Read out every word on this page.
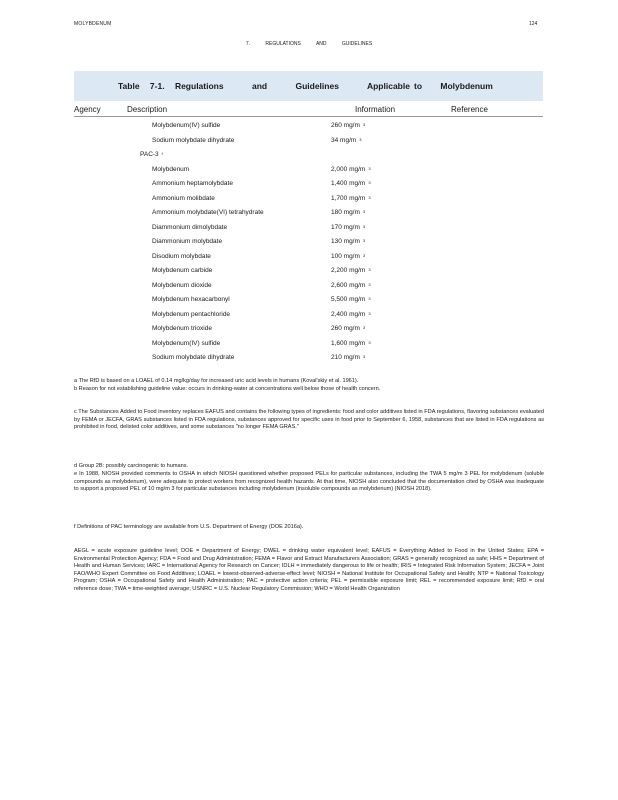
MOLYBDENUM	124
7. REGULATIONS AND GUIDELINES
Table 7-1. Regulations	and Guidelines Applicable to Molybdenum
Agency	Description	Information	Reference
Molybdenum(IV) sulfide	260 mg/m $^3$
Sodium molybdate dihydrate	34 mg/m $^3$
PAC-3 $^f$
Molybdenum	2,000 mg/m $^3$
Ammonium heptamolybdate	1,400 mg/m $^3$
Ammonium molibdate	1,700 mg/m $^3$
Ammonium molybdate(VI) tetrahydrate	180 mg/m $^3$
Diammonium dimolybdate	170 mg/m $^3$
Diammonium molybdate	130 mg/m $^3$
Disodium molybdate	100 mg/m $^3$
Molybdenum carbide	2,200 mg/m $^3$
Molybdenum dioxide	2,600 mg/m $^3$
Molybdenum hexacarbonyl	5,500 mg/m $^3$
Molybdenum pentachloride	2,400 mg/m $^3$
Molybdenum trioxide	260 mg/m $^3$
Molybdenum(IV) sulfide	1,600 mg/m $^3$
Sodium molybdate dihydrate	210 mg/m $^3$
a The RfD is based on a LOAEL of 0.14 mg/kg/day for increased uric acid levels in humans (Koval'skiy et al. 1961).
b Reason for not establishing guideline value: occurs in drinking-water at concentrations well below those of health concern.
c The Substances Added to Food inventory replaces EAFUS and contains the following types of ingredients: food and color additives listed in FDA regulations, flavoring substances evaluated by FEMA or JECFA, GRAS substances listed in FDA regulations, substances approved for specific uses in food prior to September 6, 1958, substances that are listed in FDA regulations as prohibited in food, delisted color additives, and some substances "no longer FEMA GRAS."
d Group 2B: possibly carcinogenic to humans.
e In 1988, NIOSH provided comments to OSHA in which NIOSH questioned whether proposed PELs for particular substances, including the TWA 5 mg/m 3 PEL for molybdenum (soluble compounds as molybdenum), were adequate to protect workers from recognized health hazards. At that time, NIOSH also concluded that the documentation cited by OSHA was inadequate to support a proposed PEL of 10 mg/m 3 for particular substances including molybdenum (insoluble compounds as molybdenum) (NIOSH 2018).
f Definitions of PAC terminology are available from U.S. Department of Energy (DOE 2016a).
AEGL = acute exposure guideline level; DOE = Department of Energy; DWEL = drinking water equivalent level; EAFUS = Everything Added to Food in the United States; EPA = Environmental Protection Agency; FDA = Food and Drug Administration; FEMA = Flavor and Extract Manufacturers Association; GRAS = generally recognized as safe; HHS = Department of Health and Human Services; IARC = International Agency for Research on Cancer; IDLH = immediately dangerous to life or health; IRIS = Integrated Risk Information System; JECFA = Joint FAO/WHO Expert Committee on Food Additives; LOAEL = lowest-observed-adverse-effect level; NIOSH = National Institute for Occupational Safety and Health; NTP = National Toxicology Program; OSHA = Occupational Safety and Health Administration; PAC = protective action criteria; PEL = permissible exposure limit; REL = recommended exposure limit; RfD = oral reference dose; TWA = time-weighted average; USNRC = U.S. Nuclear Regulatory Commission; WHO = World Health Organization
